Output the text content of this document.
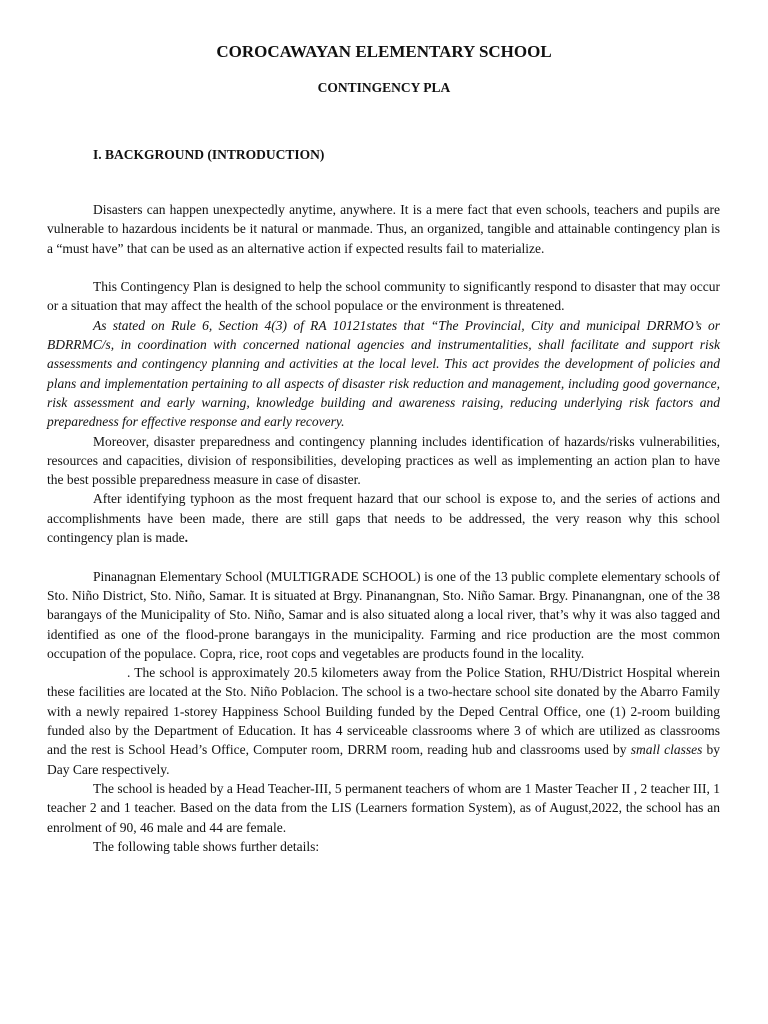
COROCAWAYAN ELEMENTARY SCHOOL
CONTINGENCY PLA
I. BACKGROUND (INTRODUCTION)

Disasters can happen unexpectedly anytime, anywhere. It is a mere fact that even schools, teachers and pupils are vulnerable to hazardous incidents be it natural or manmade. Thus, an organized, tangible and attainable contingency plan is a “must have” that can be used as an alternative action if expected results fail to materialize.

This Contingency Plan is designed to help the school community to significantly respond to disaster that may occur or a situation that may affect the health of the school populace or the environment is threatened.

As stated on Rule 6, Section 4(3) of RA 10121states that “The Provincial, City and municipal DRRMO’s or BDRRMC/s, in coordination with concerned national agencies and instrumentalities, shall facilitate and support risk assessments and contingency planning and activities at the local level. This act provides the development of policies and plans and implementation pertaining to all aspects of disaster risk reduction and management, including good governance, risk assessment and early warning, knowledge building and awareness raising, reducing underlying risk factors and preparedness for effective response and early recovery.

Moreover, disaster preparedness and contingency planning includes identification of hazards/risks vulnerabilities, resources and capacities, division of responsibilities, developing practices as well as implementing an action plan to have the best possible preparedness measure in case of disaster.

After identifying typhoon as the most frequent hazard that our school is expose to, and the series of actions and accomplishments have been made, there are still gaps that needs to be addressed, the very reason why this school contingency plan is made.

Pinanagnan Elementary School (MULTIGRADE SCHOOL) is one of the 13 public complete elementary schools of Sto. Niño District, Sto. Niño, Samar. It is situated at Brgy. Pinanangnan, Sto. Niño Samar. Brgy. Pinanangnan, one of the 38 barangays of the Municipality of Sto. Niño, Samar and is also situated along a local river, that’s why it was also tagged and identified as one of the flood-prone barangays in the municipality. Farming and rice production are the most common occupation of the populace. Copra, rice, root cops and vegetables are products found in the locality.

. The school is approximately 20.5 kilometers away from the Police Station, RHU/District Hospital wherein these facilities are located at the Sto. Niño Poblacion. The school is a two-hectare school site donated by the Abarro Family with a newly repaired 1-storey Happiness School Building funded by the Deped Central Office, one (1) 2-room building funded also by the Department of Education. It has 4 serviceable classrooms where 3 of which are utilized as classrooms and the rest is School Head’s Office, Computer room, DRRM room, reading hub and classrooms used by small classes by Day Care respectively.

The school is headed by a Head Teacher-III, 5 permanent teachers of whom are 1 Master Teacher II , 2 teacher III, 1 teacher 2 and 1 teacher. Based on the data from the LIS (Learners formation System), as of August,2022, the school has an enrolment of 90, 46 male and 44 are female.

The following table shows further details:
